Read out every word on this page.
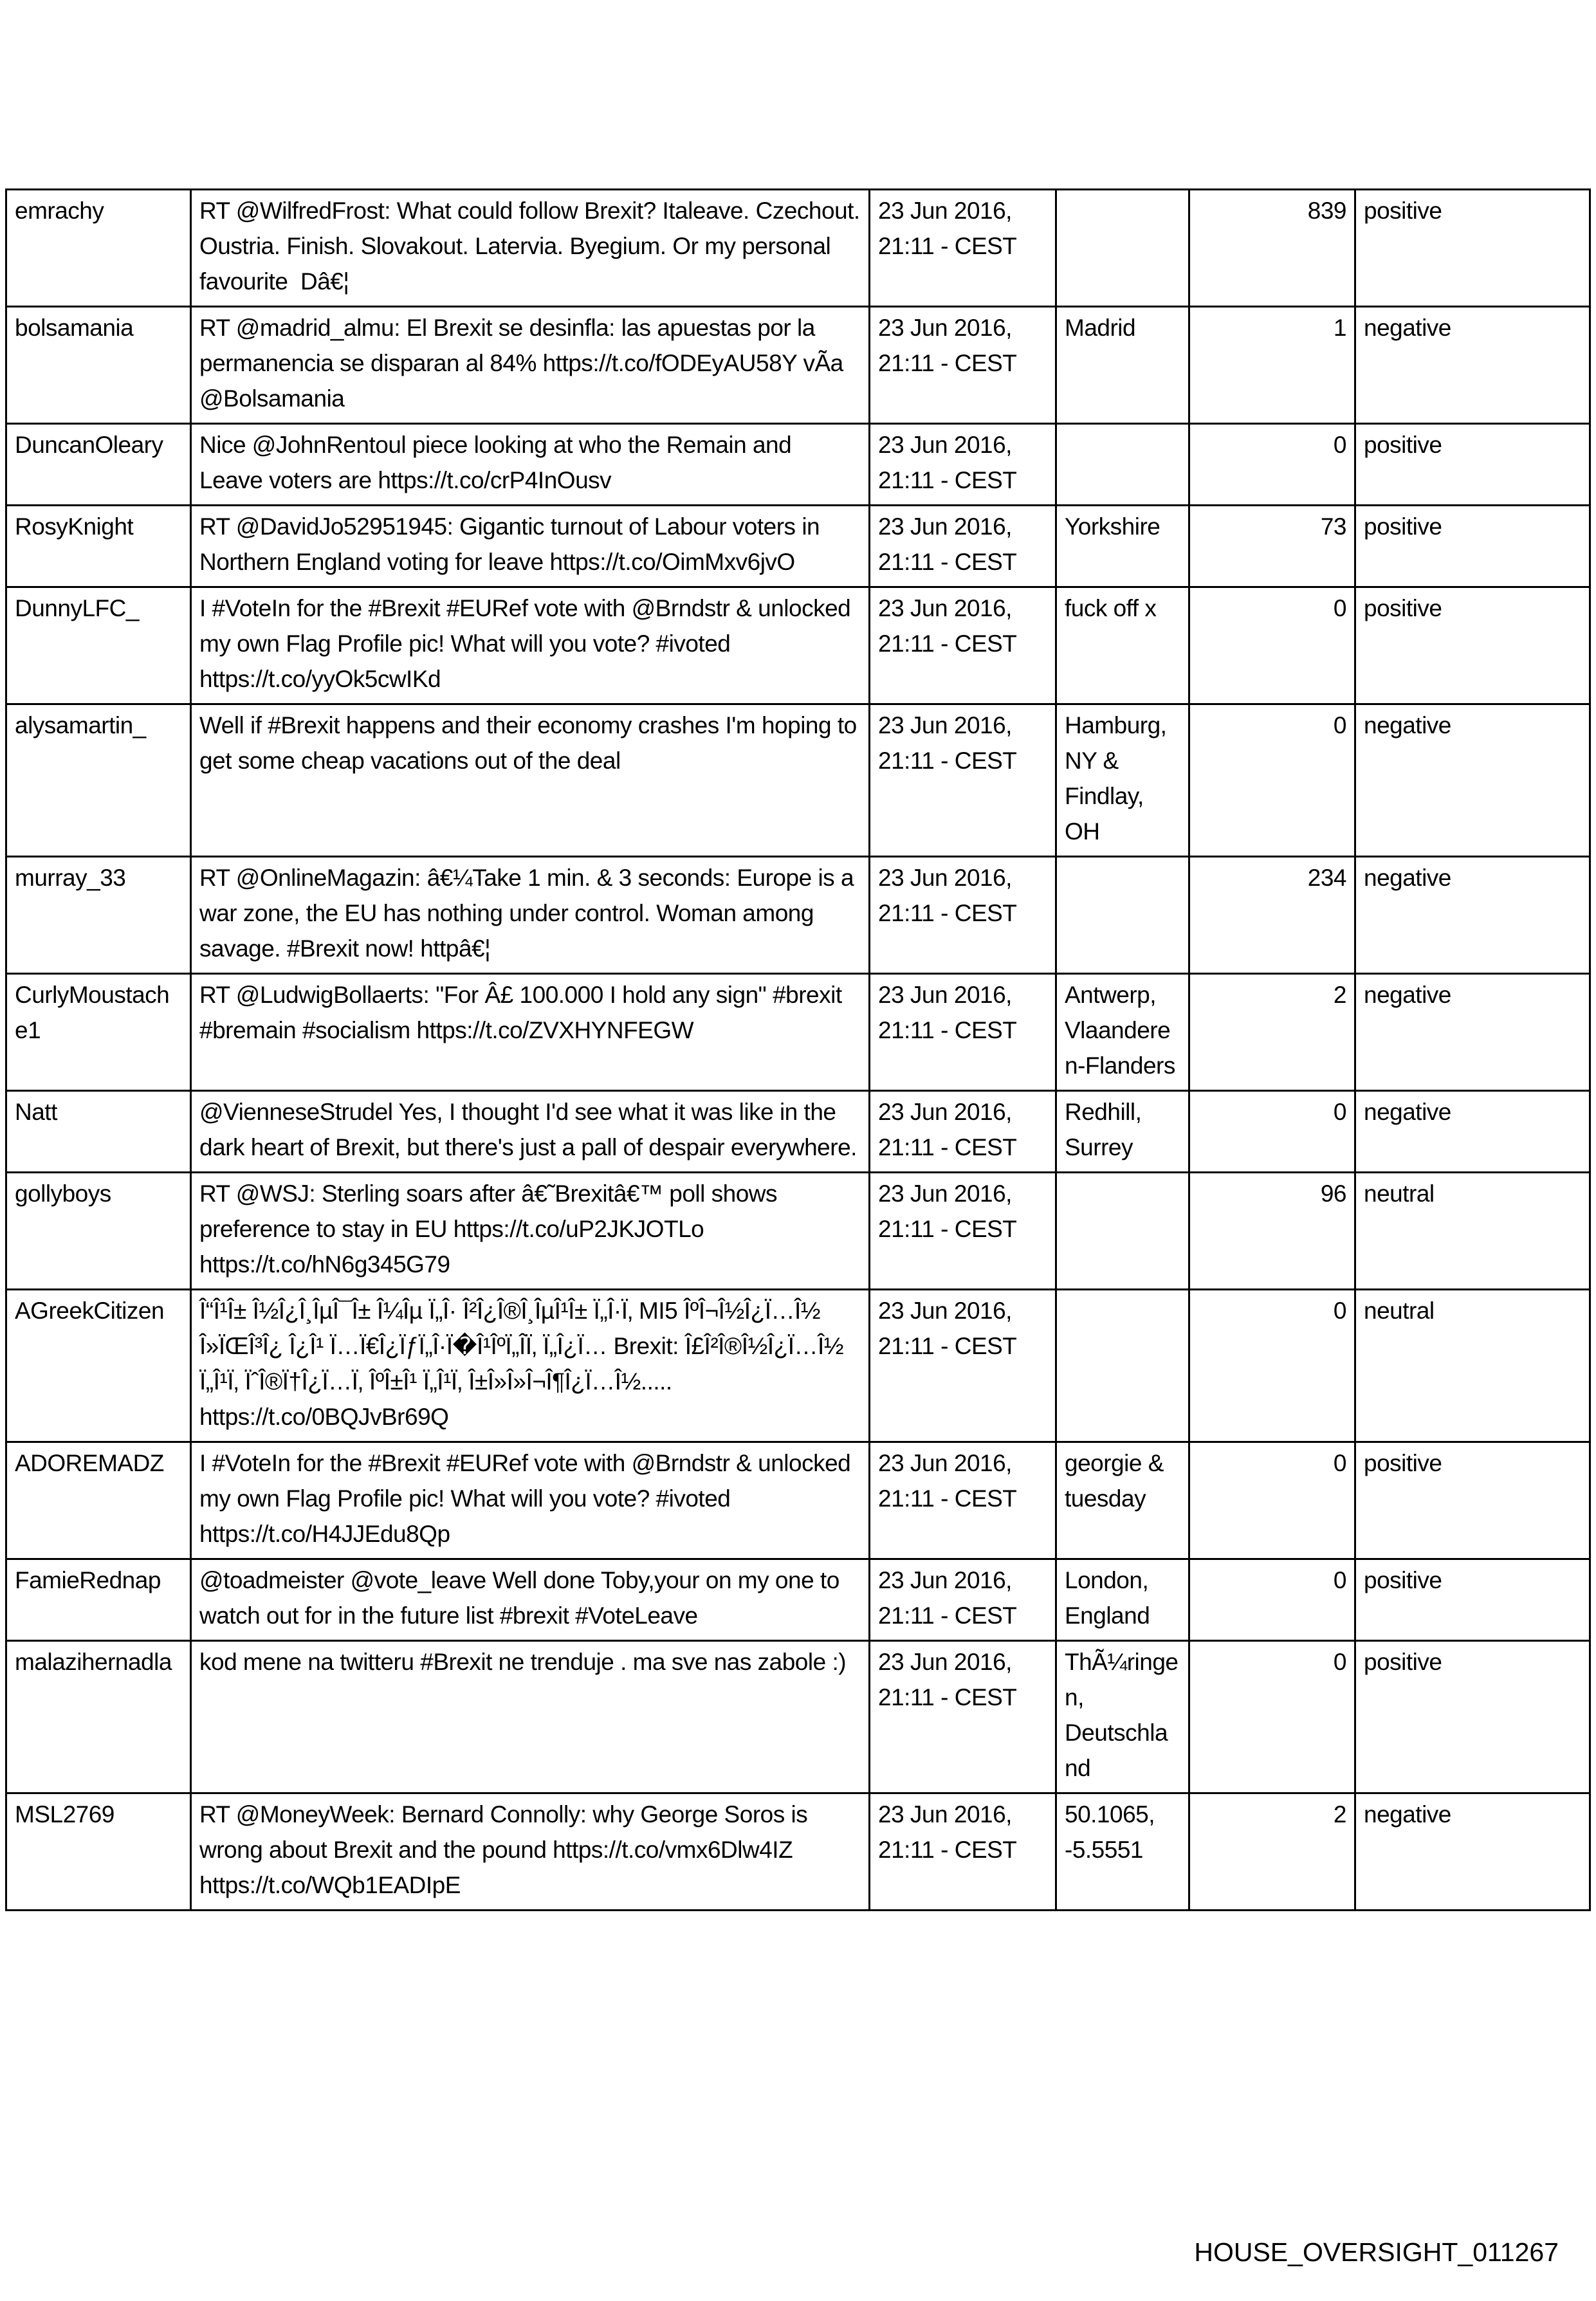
emrachy	RT @WilfredFrost: What could follow Brexit? Italeave. Czechout. Oustria. Finish. Slovakout. Latervia. Byegium. Or my personal favourite  Dâ€¦	23 Jun 2016, 21:11 - CEST		839	positive
bolsamania	RT @madrid_almu: El Brexit se desinfla: las apuestas por la permanencia se disparan al 84% https://t.co/fODEyAU58Y vÃa @Bolsamania	23 Jun 2016, 21:11 - CEST	Madrid	1	negative
DuncanOleary	Nice @JohnRentoul piece looking at who the Remain and Leave voters are https://t.co/crP4InOusv	23 Jun 2016, 21:11 - CEST		0	positive
RosyKnight	RT @DavidJo52951945: Gigantic turnout of Labour voters in Northern England voting for leave https://t.co/OimMxv6jvO	23 Jun 2016, 21:11 - CEST	Yorkshire	73	positive
DunnyLFC_	I #VoteIn for the #Brexit #EURef vote with @Brndstr & unlocked my own Flag Profile pic! What will you vote? #ivoted https://t.co/yyOk5cwIKd	23 Jun 2016, 21:11 - CEST	fuck off x	0	positive
alysamartin_	Well if #Brexit happens and their economy crashes I'm hoping to get some cheap vacations out of the deal	23 Jun 2016, 21:11 - CEST	Hamburg, NY & Findlay, OH	0	negative
murray_33	RT @OnlineMagazin: â€¼Take 1 min. & 3 seconds: Europe is a war zone, the EU has nothing under control. Woman among savage. #Brexit now! httpâ€¦	23 Jun 2016, 21:11 - CEST		234	negative
CurlyMoustache1	RT @LudwigBollaerts: "For Â£ 100.000 I hold any sign" #brexit #bremain #socialism https://t.co/ZVXHYNFEGW	23 Jun 2016, 21:11 - CEST	Antwerp, Vlaanderen-Flanders	2	negative
Natt	@VienneseStrudel Yes, I thought I'd see what it was like in the dark heart of Brexit, but there's just a pall of despair everywhere.	23 Jun 2016, 21:11 - CEST	Redhill, Surrey	0	negative
gollyboys	RT @WSJ: Sterling soars after â€˜Brexitâ€™ poll shows preference to stay in EU https://t.co/uP2JKJOTLo https://t.co/hN6g345G79	23 Jun 2016, 21:11 - CEST		96	neutral
AGreekCitizen	Î“Î¹Î± Î½Î¿Î¸ÎµÎ¯Î± Î¼Îµ Ï„Î· Î²Î¿Î®Î¸ÎµÎ¹Î± Ï„Î·Ï‚ MI5 ÎºÎ¬Î½Î¿Ï…Î½ Î»ÏŒÎ³Î¿ Î¿Î¹ Ï…Ï€Î¿ÏƒÏ„Î·Ï�Î¹ÎºÏ„ÎÏ‚ Ï„Î¿Ï… Brexit: Î£Î²Î®Î½Î¿Ï…Î½ Ï„Î¹Ï‚ ÏˆÎ®Ï†Î¿Ï…Ï‚ ÎºÎ±Î¹ Ï„Î¹Ï‚ Î±Î»Î»Î¬Î¶Î¿Ï…Î½..... https://t.co/0BQJvBr69Q	23 Jun 2016, 21:11 - CEST		0	neutral
ADOREMADZ	I #VoteIn for the #Brexit #EURef vote with @Brndstr & unlocked my own Flag Profile pic! What will you vote? #ivoted https://t.co/H4JJEdu8Qp	23 Jun 2016, 21:11 - CEST	georgie & tuesday	0	positive
FamieRednap	@toadmeister @vote_leave Well done Toby,your on my one to watch out for in the future list #brexit #VoteLeave	23 Jun 2016, 21:11 - CEST	London, England	0	positive
malazihernadla	kod mene na twitteru #Brexit ne trenduje . ma sve nas zabole :)	23 Jun 2016, 21:11 - CEST	ThÃ¼ringen, Deutschland	0	positive
MSL2769	RT @MoneyWeek: Bernard Connolly: why George Soros is wrong about Brexit and the pound https://t.co/vmx6Dlw4IZ https://t.co/WQb1EADIpE	23 Jun 2016, 21:11 - CEST	50.1065, -5.5551	2	negative
HOUSE_OVERSIGHT_011267
